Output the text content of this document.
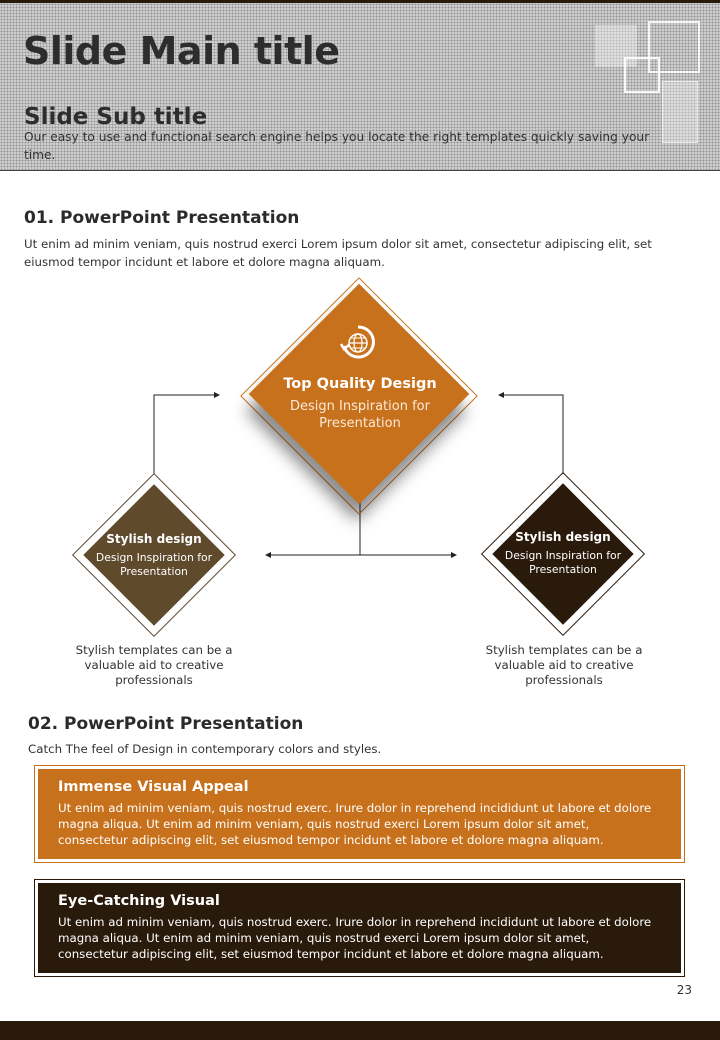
Slide Main title
Slide Sub title

Our easy to use and functional search engine helps you locate the right templates quickly saving your time.

01. PowerPoint Presentation

Ut enim ad minim veniam, quis nostrud exerci Lorem ipsum dolor sit amet, consectetur adipiscing elit, set eiusmod tempor incidunt et labore et dolore magna aliquam.

Top Quality Design
Design Inspiration for Presentation
Stylish design
Design Inspiration for Presentation
Stylish design
Design Inspiration for Presentation

Stylish templates can be a valuable aid to creative professionals

Stylish templates can be a valuable aid to creative professionals

02. PowerPoint Presentation

Catch The feel of Design in contemporary colors and styles.

Immense Visual Appeal

Ut enim ad minim veniam, quis nostrud exerc. Irure dolor in reprehend incididunt ut labore et dolore magna aliqua. Ut enim ad minim veniam, quis nostrud exerci Lorem ipsum dolor sit amet, consectetur adipiscing elit, set eiusmod tempor incidunt et labore et dolore magna aliquam.

Eye-Catching Visual

Ut enim ad minim veniam, quis nostrud exerc. Irure dolor in reprehend incididunt ut labore et dolore magna aliqua. Ut enim ad minim veniam, quis nostrud exerci Lorem ipsum dolor sit amet, consectetur adipiscing elit, set eiusmod tempor incidunt et labore et dolore magna aliquam.

23
